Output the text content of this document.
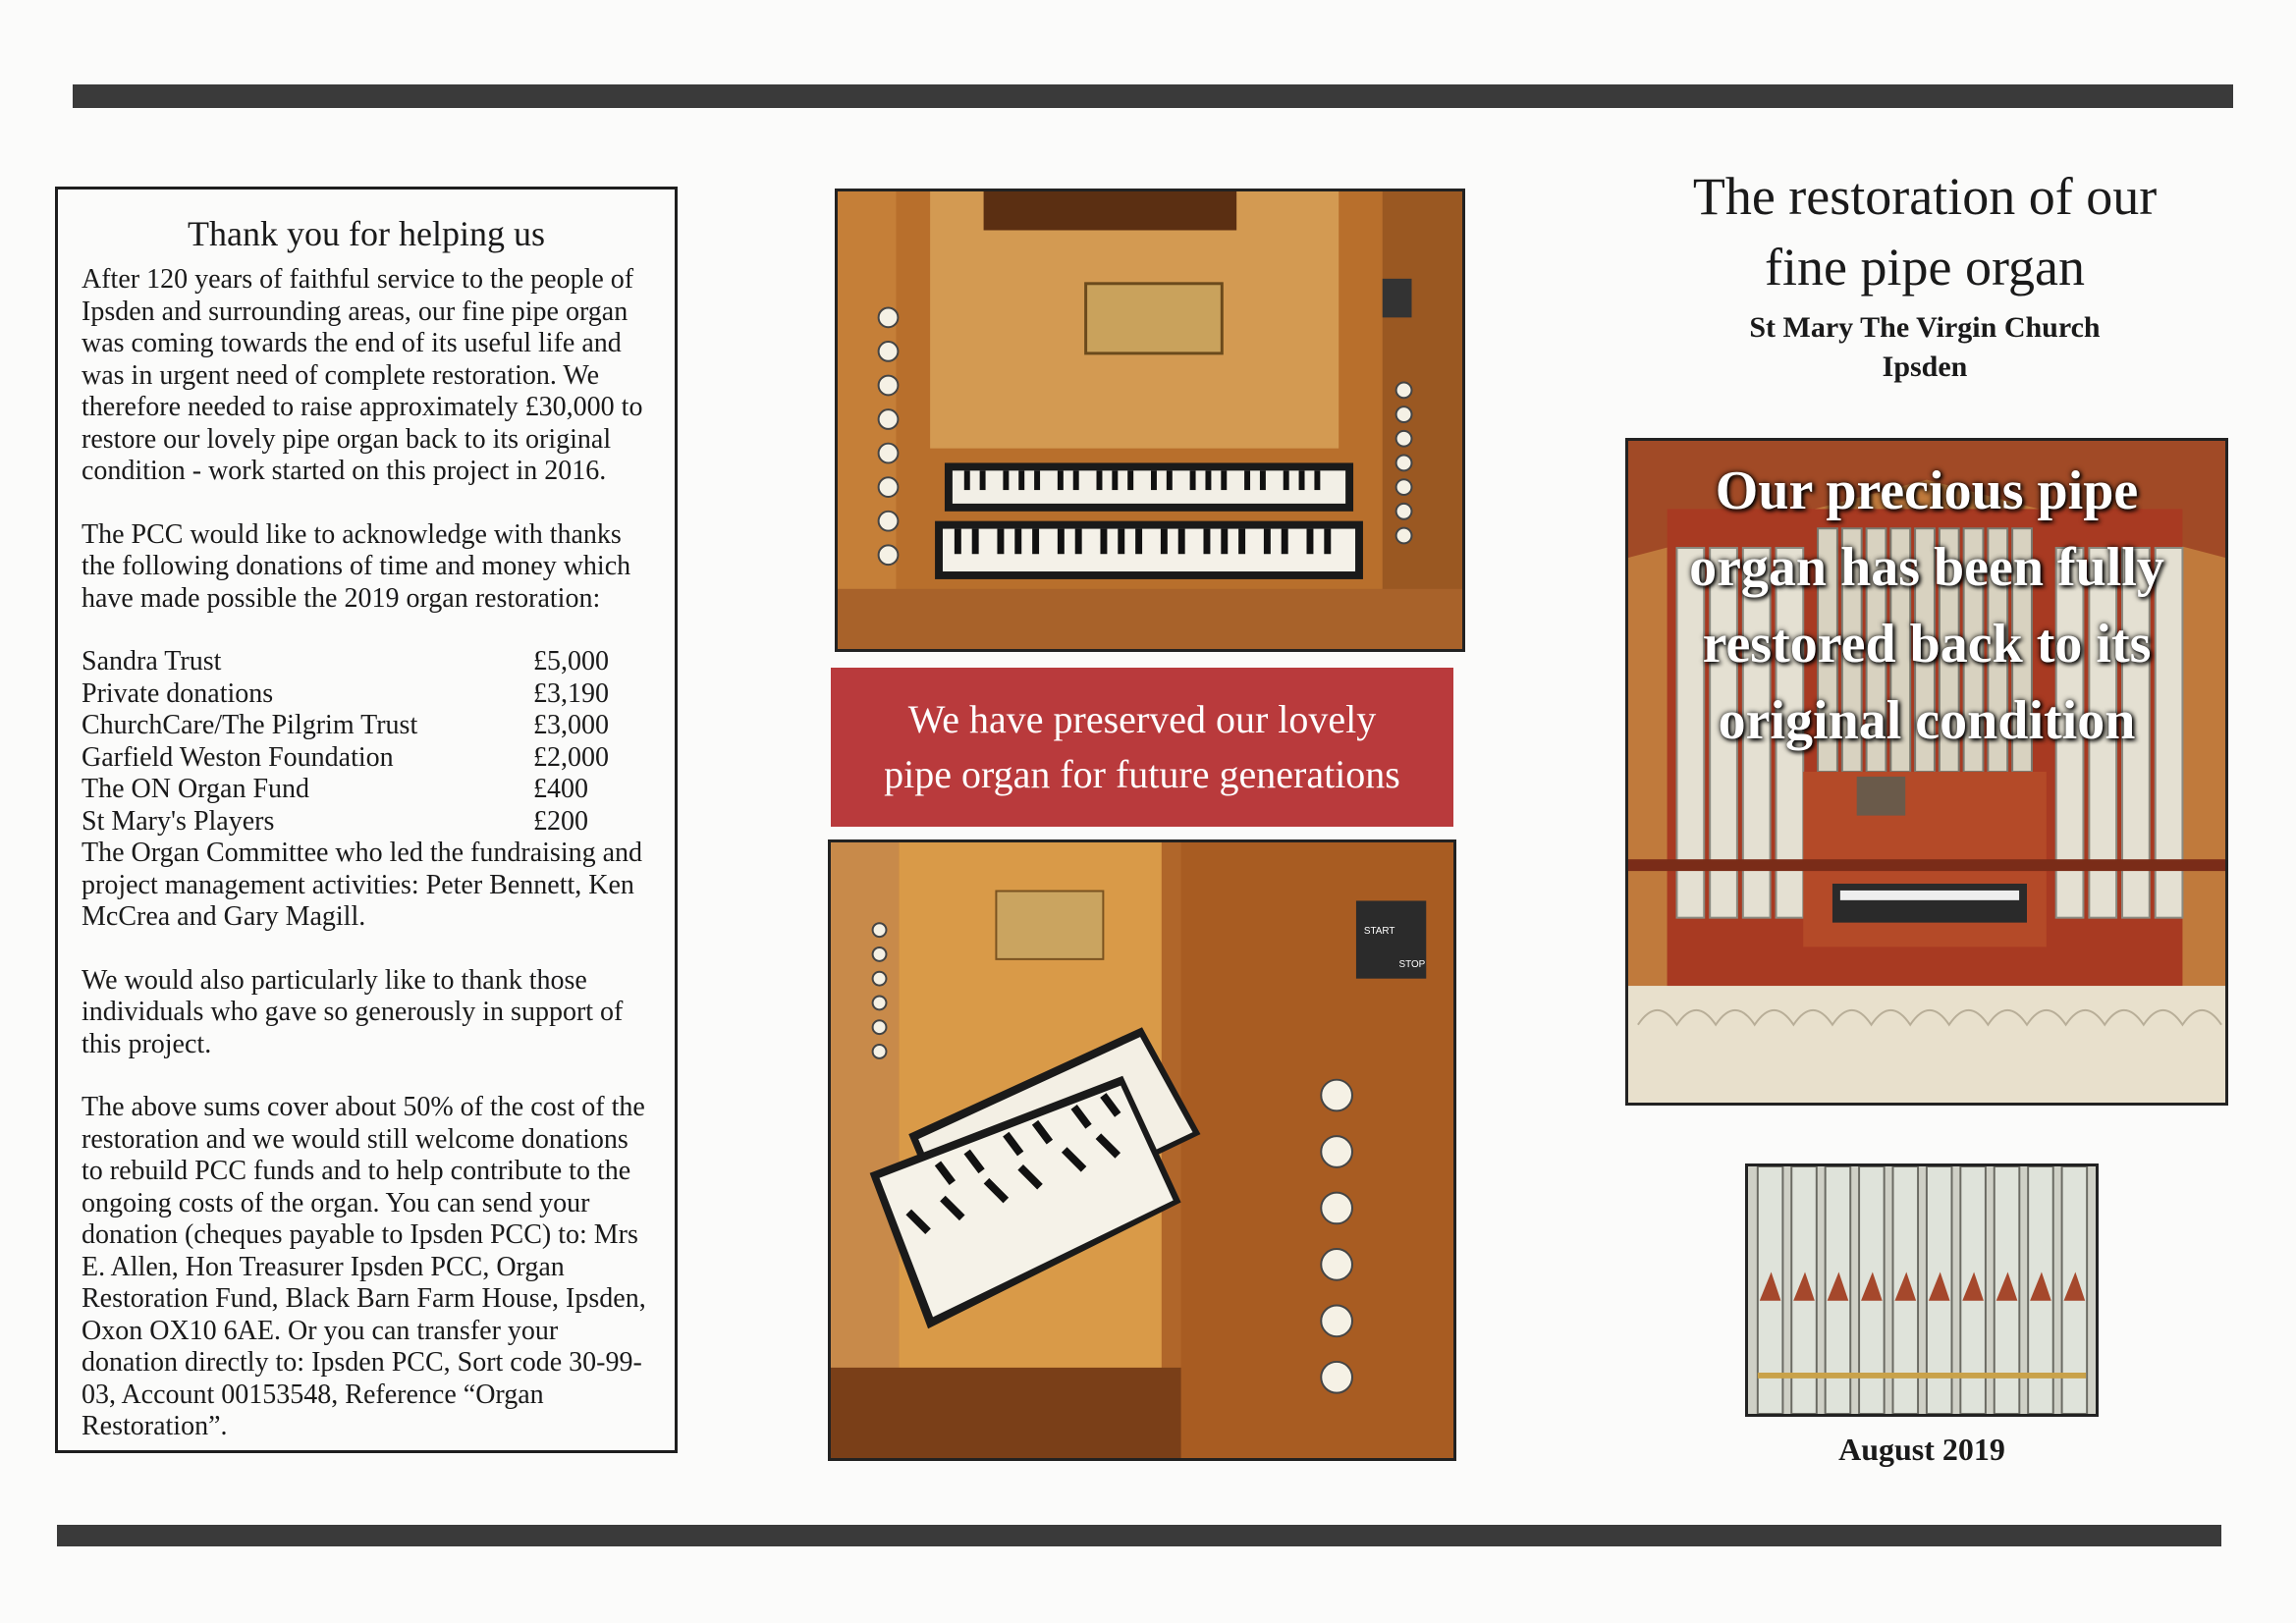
Thank you for helping us

After 120 years of faithful service to the people of Ipsden and surrounding areas, our fine pipe organ was coming towards the end of its useful life and was in urgent need of complete restoration. We therefore needed to raise approximately £30,000 to restore our lovely pipe organ back to its original condition - work started on this project in 2016.

The PCC would like to acknowledge with thanks the following donations of time and money which have made possible the 2019 organ restoration:

Sandra Trust	£5,000
Private donations	£3,190
ChurchCare/The Pilgrim Trust	£3,000
Garfield Weston Foundation	£2,000
The ON Organ Fund	£400
St Mary's Players	£200

The Organ Committee who led the fundraising and project management activities: Peter Bennett, Ken McCrea and Gary Magill.

We would also particularly like to thank those individuals who gave so generously in support of this project.

The above sums cover about 50% of the cost of the restoration and we would still welcome donations to rebuild PCC funds and to help contribute to the ongoing costs of the organ. You can send your donation (cheques payable to Ipsden PCC) to: Mrs E. Allen, Hon Treasurer Ipsden PCC, Organ Restoration Fund, Black Barn Farm House, Ipsden, Oxon OX10 6AE. Or you can transfer your donation directly to: Ipsden PCC, Sort code 30-99-03, Account 00153548, Reference “Organ Restoration”.

We have preserved our lovely
pipe organ for future generations
START
STOP
The restoration of our
fine pipe organ
St Mary The Virgin Church
Ipsden
Our precious pipe
organ has been fully
restored back to its
original condition
August 2019
